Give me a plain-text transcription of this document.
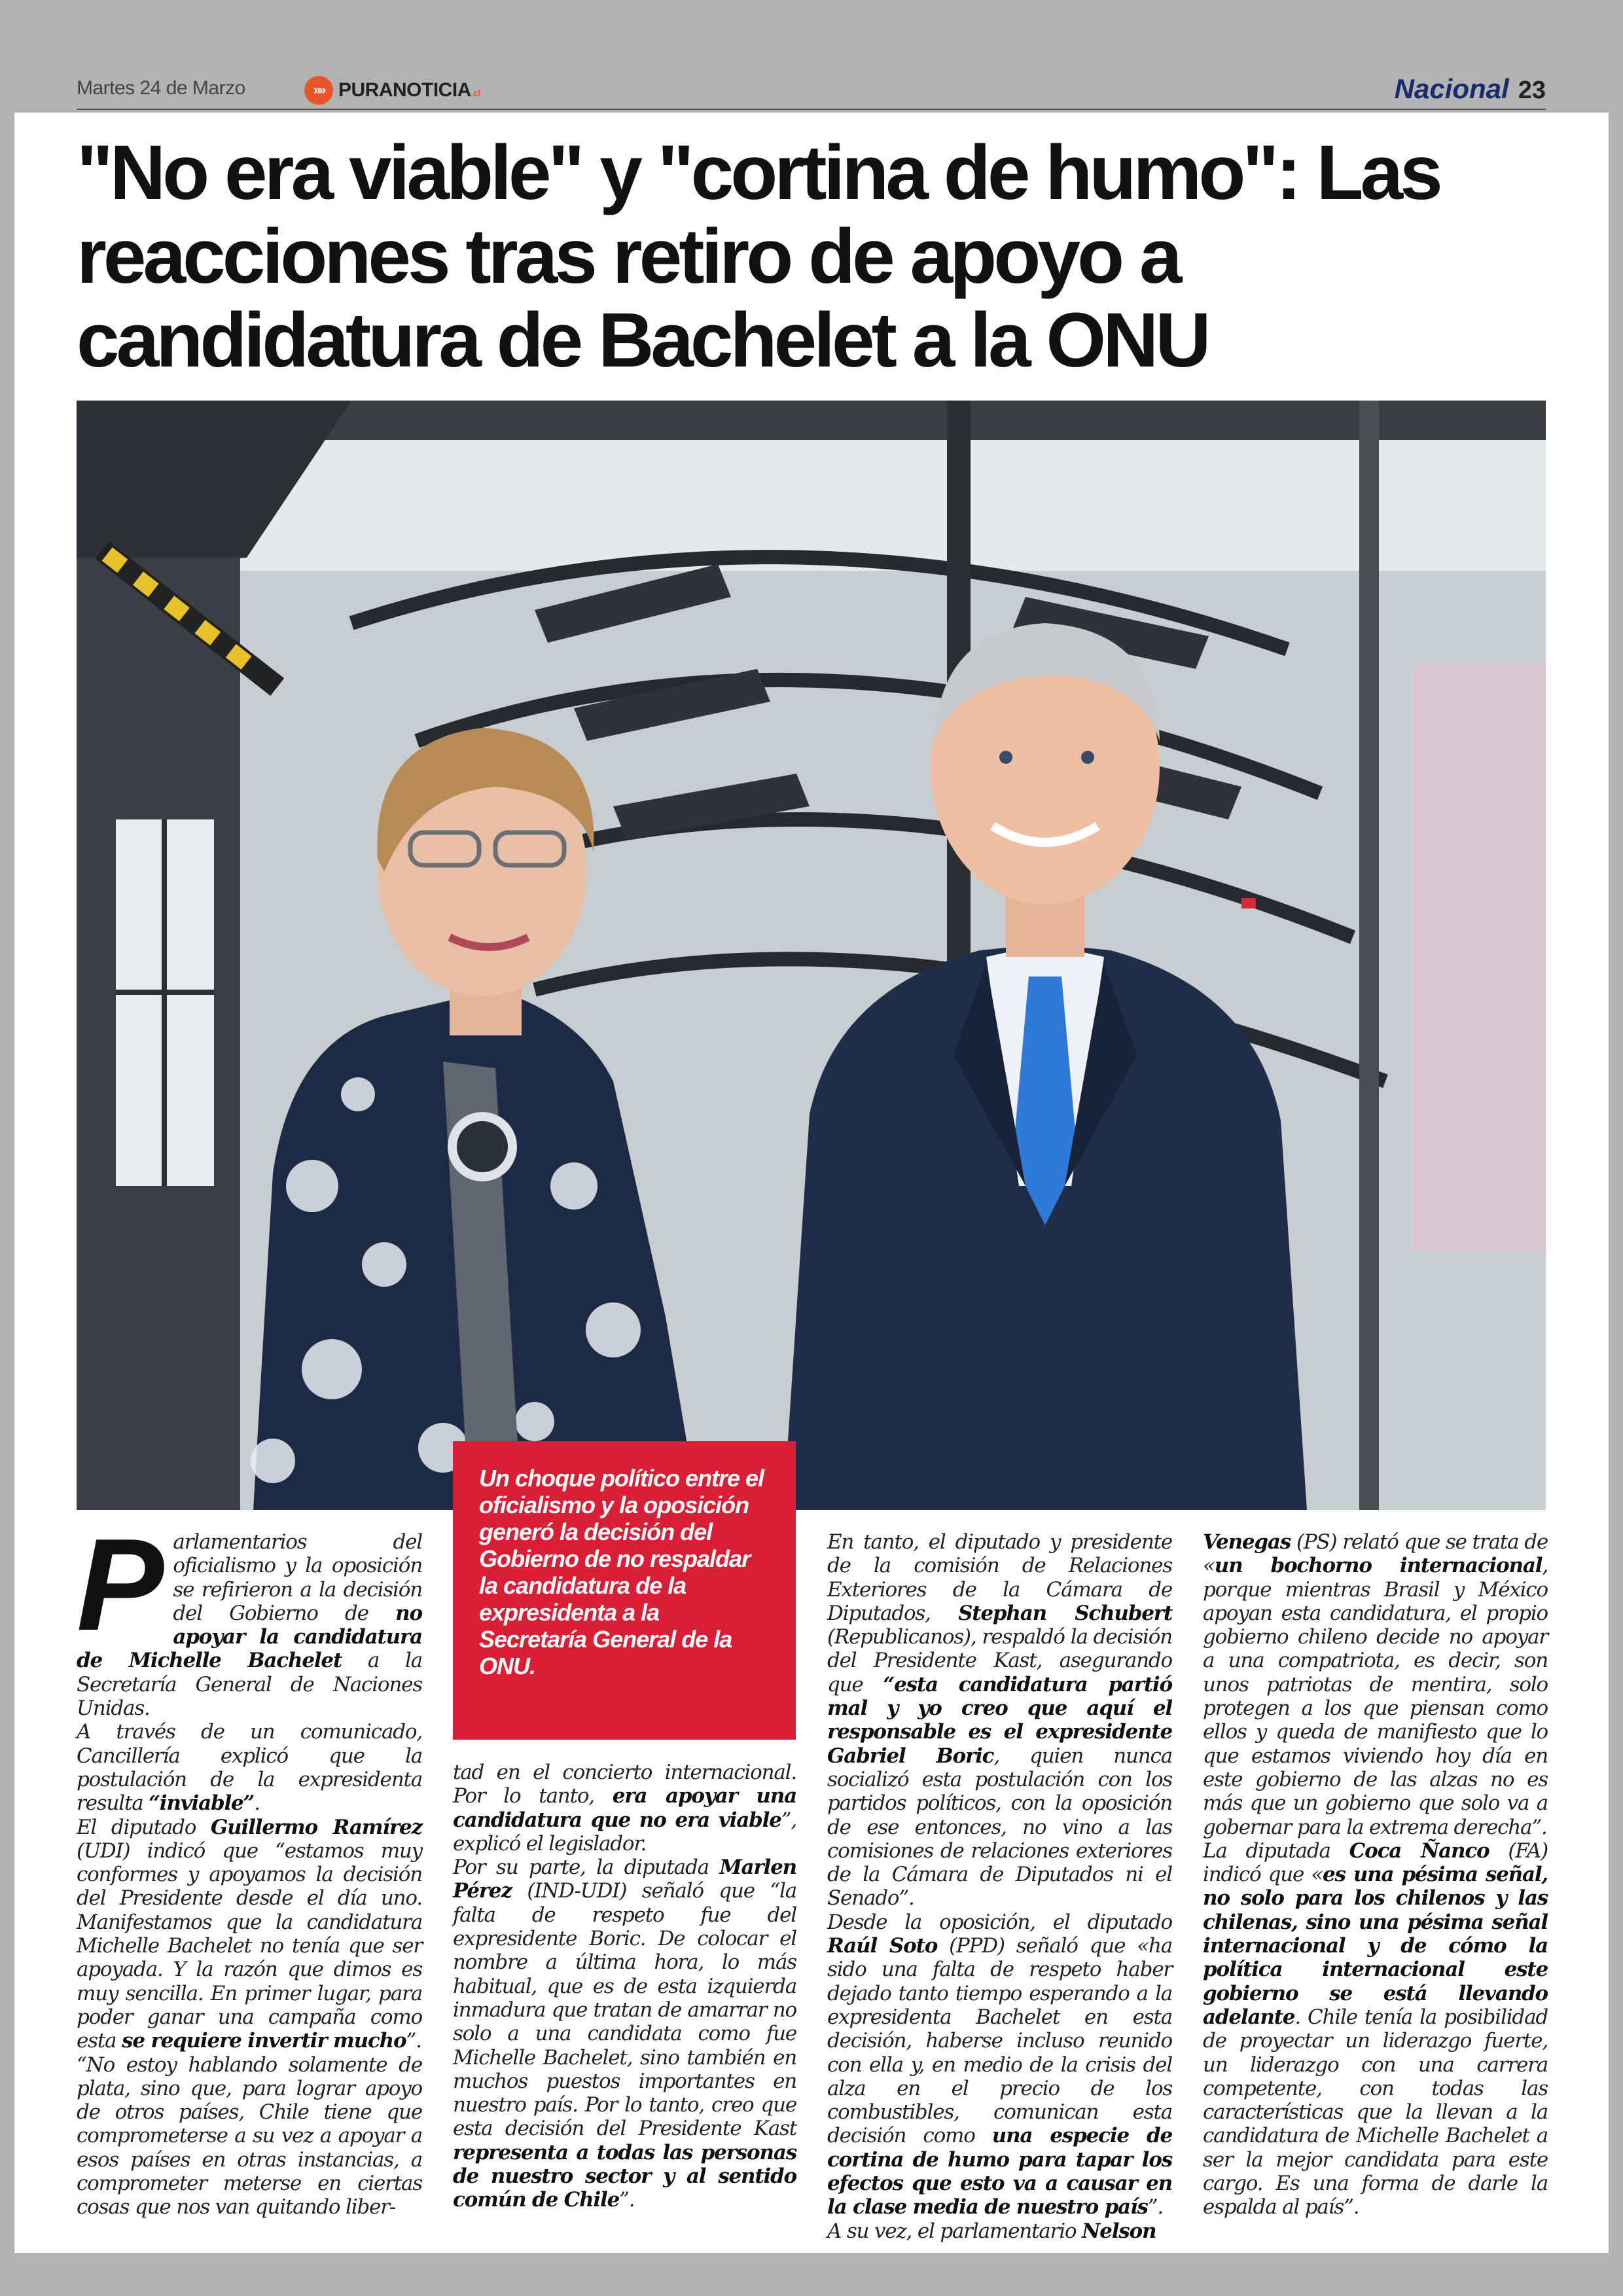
Martes 24 de Marzo	»» PURANOTICIA.cl	Nacional 23
"No era viable" y "cortina de humo": Las reacciones tras retiro de apoyo a candidatura de Bachelet a la ONU
Un choque político entre el oficialismo y la oposición generó la decisión del Gobierno de no respaldar la candidatura de la expresidenta a la Secretaría General de la ONU.

Parlamentarios del oficialismo y la oposición se refirieron a la decisión del Gobierno de no apoyar la candidatura de Michelle Bachelet a la Secretaría General de Naciones Unidas.

A través de un comunicado, Cancillería explicó que la postulación de la expresidenta resulta “inviable”.

El diputado Guillermo Ramírez (UDI) indicó que “estamos muy conformes y apoyamos la decisión del Presidente desde el día uno. Manifestamos que la candidatura Michelle Bachelet no tenía que ser apoyada. Y la razón que dimos es muy sencilla. En primer lugar, para poder ganar una campaña como esta se requiere invertir mucho”.

“No estoy hablando solamente de plata, sino que, para lograr apoyo de otros países, Chile tiene que comprometerse a su vez a apoyar a esos países en otras instancias, a comprometer meterse en ciertas cosas que nos van quitando liber-

tad en el concierto internacional. Por lo tanto, era apoyar una candidatura que no era viable”, explicó el legislador.

Por su parte, la diputada Marlen Pérez (IND-UDI) señaló que “la falta de respeto fue del expresidente Boric. De colocar el nombre a última hora, lo más habitual, que es de esta izquierda inmadura que tratan de amarrar no solo a una candidata como fue Michelle Bachelet, sino también en muchos puestos importantes en nuestro país. Por lo tanto, creo que esta decisión del Presidente Kast representa a todas las personas de nuestro sector y al sentido común de Chile”.

En tanto, el diputado y presidente de la comisión de Relaciones Exteriores de la Cámara de Diputados, Stephan Schubert (Republicanos), respaldó la decisión del Presidente Kast, asegurando que “esta candidatura partió mal y yo creo que aquí el responsable es el expresidente Gabriel Boric, quien nunca socializó esta postulación con los partidos políticos, con la oposición de ese entonces, no vino a las comisiones de relaciones exteriores de la Cámara de Diputados ni el Senado”.

Desde la oposición, el diputado Raúl Soto (PPD) señaló que «ha sido una falta de respeto haber dejado tanto tiempo esperando a la expresidenta Bachelet en esta decisión, haberse incluso reunido con ella y, en medio de la crisis del alza en el precio de los combustibles, comunican esta decisión como una especie de cortina de humo para tapar los efectos que esto va a causar en la clase media de nuestro país”.

A su vez, el parlamentario Nelson

Venegas (PS) relató que se trata de «un bochorno internacional, porque mientras Brasil y México apoyan esta candidatura, el propio gobierno chileno decide no apoyar a una compatriota, es decir, son unos patriotas de mentira, solo protegen a los que piensan como ellos y queda de manifiesto que lo que estamos viviendo hoy día en este gobierno de las alzas no es más que un gobierno que solo va a gobernar para la extrema derecha”.

La diputada Coca Ñanco (FA) indicó que «es una pésima señal, no solo para los chilenos y las chilenas, sino una pésima señal internacional y de cómo la política internacional este gobierno se está llevando adelante. Chile tenía la posibilidad de proyectar un liderazgo fuerte, un liderazgo con una carrera competente, con todas las características que la llevan a la candidatura de Michelle Bachelet a ser la mejor candidata para este cargo. Es una forma de darle la espalda al país”.
